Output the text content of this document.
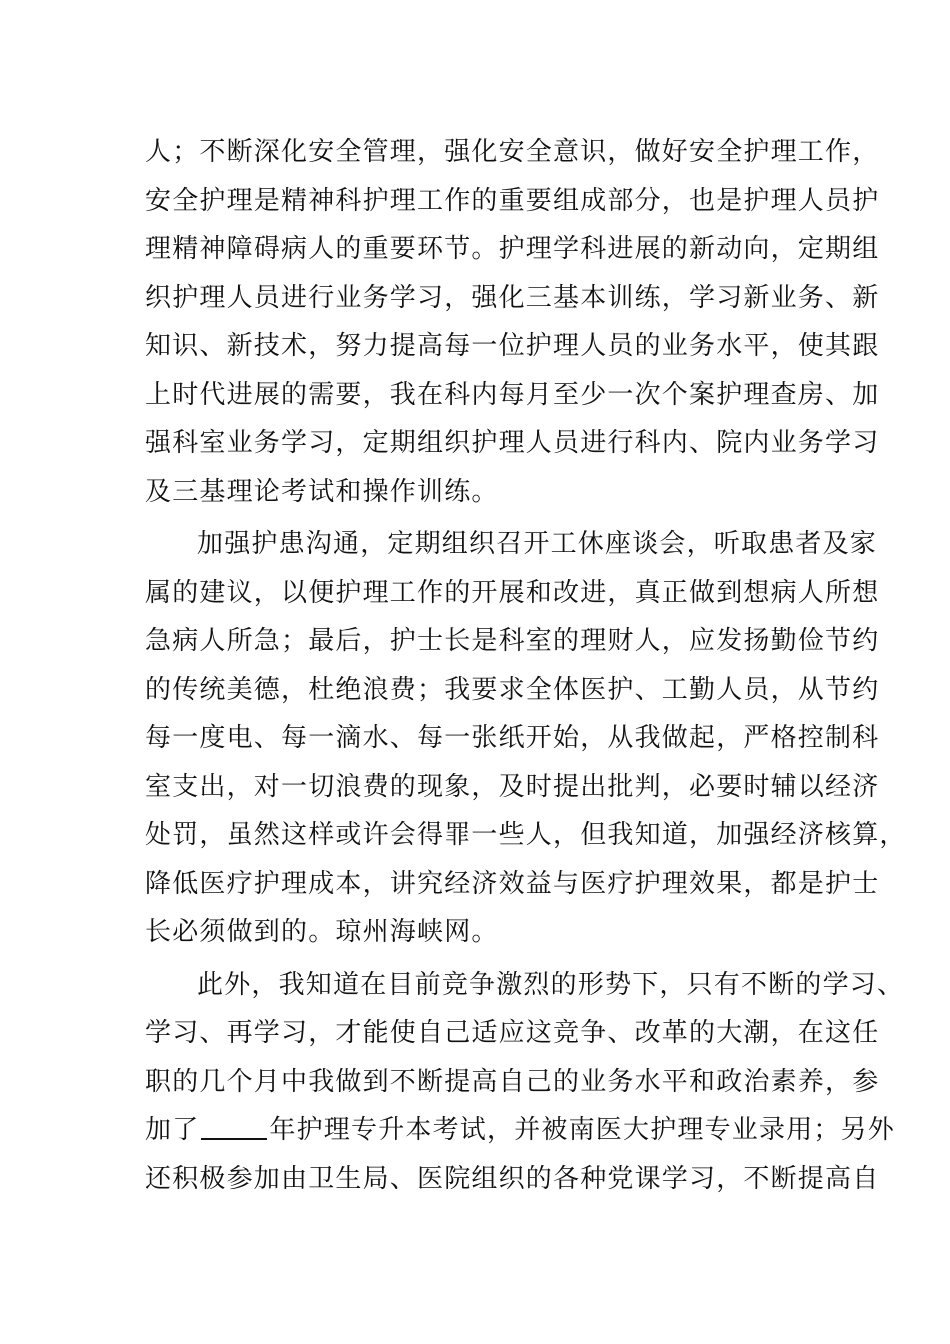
人；不断深化安全管理，强化安全意识，做好安全护理工作，
安全护理是精神科护理工作的重要组成部分，也是护理人员护
理精神障碍病人的重要环节。护理学科进展的新动向，定期组
织护理人员进行业务学习，强化三基本训练，学习新业务、新
知识、新技术，努力提高每一位护理人员的业务水平，使其跟
上时代进展的需要，我在科内每月至少一次个案护理查房、加
强科室业务学习，定期组织护理人员进行科内、院内业务学习
及三基理论考试和操作训练。
加强护患沟通，定期组织召开工休座谈会，听取患者及家
属的建议，以便护理工作的开展和改进，真正做到想病人所想
急病人所急；最后，护士长是科室的理财人，应发扬勤俭节约
的传统美德，杜绝浪费；我要求全体医护、工勤人员，从节约
每一度电、每一滴水、每一张纸开始，从我做起，严格控制科
室支出，对一切浪费的现象，及时提出批判，必要时辅以经济
处罚，虽然这样或许会得罪一些人，但我知道，加强经济核算，
降低医疗护理成本，讲究经济效益与医疗护理效果，都是护士
长必须做到的。琼州海峡网。
此外，我知道在目前竞争激烈的形势下，只有不断的学习、
学习、再学习，才能使自己适应这竞争、改革的大潮，在这任
职的几个月中我做到不断提高自己的业务水平和政治素养，参
加了	年护理专升本考试，并被南医大护理专业录用；另外
还积极参加由卫生局、医院组织的各种党课学习，不断提高自
